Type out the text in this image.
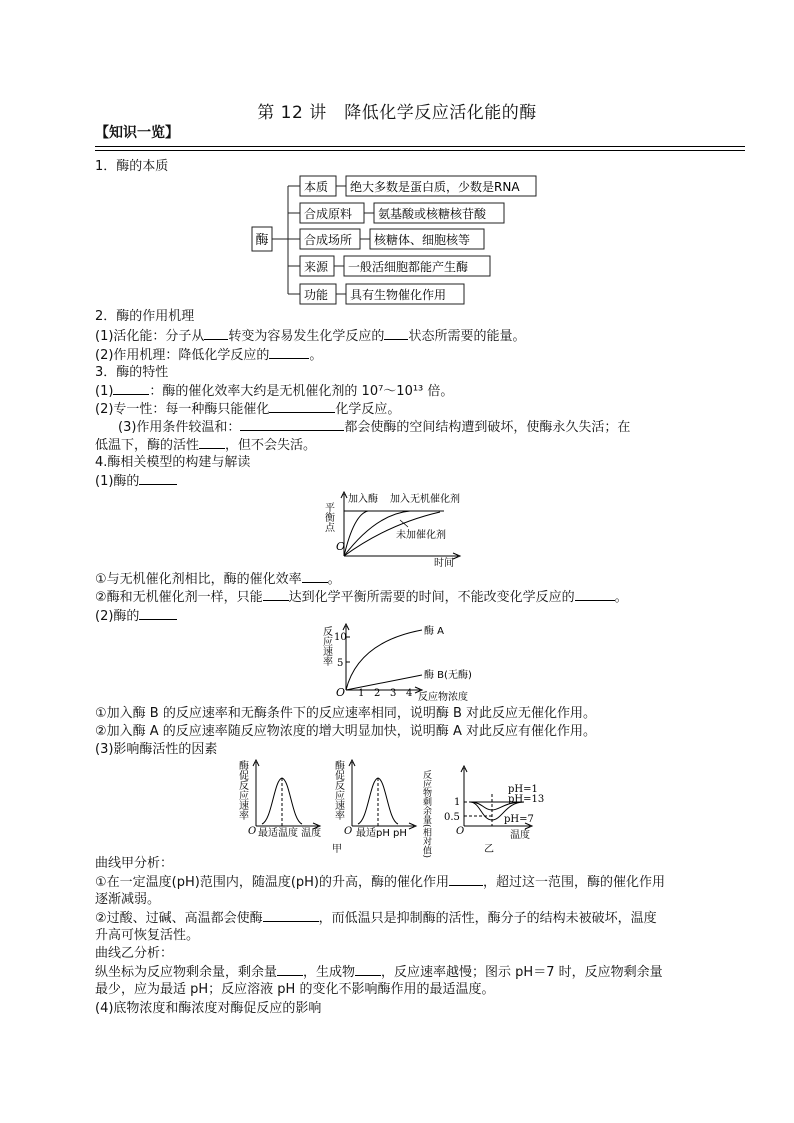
第 12 讲　降低化学反应活化能的酶
【知识一览】
1．酶的本质
酶
本质 绝大多数是蛋白质，少数是RNA
合成原料 氨基酸或核糖核苷酸
合成场所 核糖体、细胞核等
来源 一般活细胞都能产生酶
功能 具有生物催化作用
2．酶的作用机理
(1)活化能：分子从 转变为容易发生化学反应的 状态所需要的能量。
(2)作用机理：降低化学反应的	。
3．酶的特性
(1)	：酶的催化效率大约是无机催化剂的 10⁷～10¹³ 倍。
(2)专一性：每一种酶只能催化	化学反应。
(3)作用条件较温和：	都会使酶的空间结构遭到破坏，使酶永久失活；在
低温下，酶的活性 ，但不会失活。
4.酶相关模型的构建与解读
(1)酶的
平衡点
加入酶 加入无机催化剂
未加催化剂
O
时间
①与无机催化剂相比，酶的催化效率 。
②酶和无机催化剂一样，只能 达到化学平衡所需要的时间，不能改变化学反应的	。
(2)酶的
反应速率 10
5
酶 A
酶 B(无酶)
O 1 2 3 4 反应物浓度
①加入酶 B 的反应速率和无酶条件下的反应速率相同，说明酶 B 对此反应无催化作用。
②加入酶 A 的反应速率随反应物浓度的增大明显加快，说明酶 A 对此反应有催化作用。
(3)影响酶活性的因素
酶促反应速率
O 最适温度 温度
酶促反应速率
O 最适pH pH
甲	反应物剩余量(相对值) 1
0.5
O
pH=1
pH=13
pH=7
温度
乙
曲线甲分析：
①在一定温度(pH)范围内，随温度(pH)的升高，酶的催化作用	，超过这一范围，酶的催化作用
逐渐减弱。
②过酸、过碱、高温都会使酶	，而低温只是抑制酶的活性，酶分子的结构未被破坏，温度
升高可恢复活性。
曲线乙分析：
纵坐标为反应物剩余量，剩余量 ，生成物 ，反应速率越慢；图示 pH＝7 时，反应物剩余量
最少，应为最适 pH；反应溶液 pH 的变化不影响酶作用的最适温度。
(4)底物浓度和酶浓度对酶促反应的影响
